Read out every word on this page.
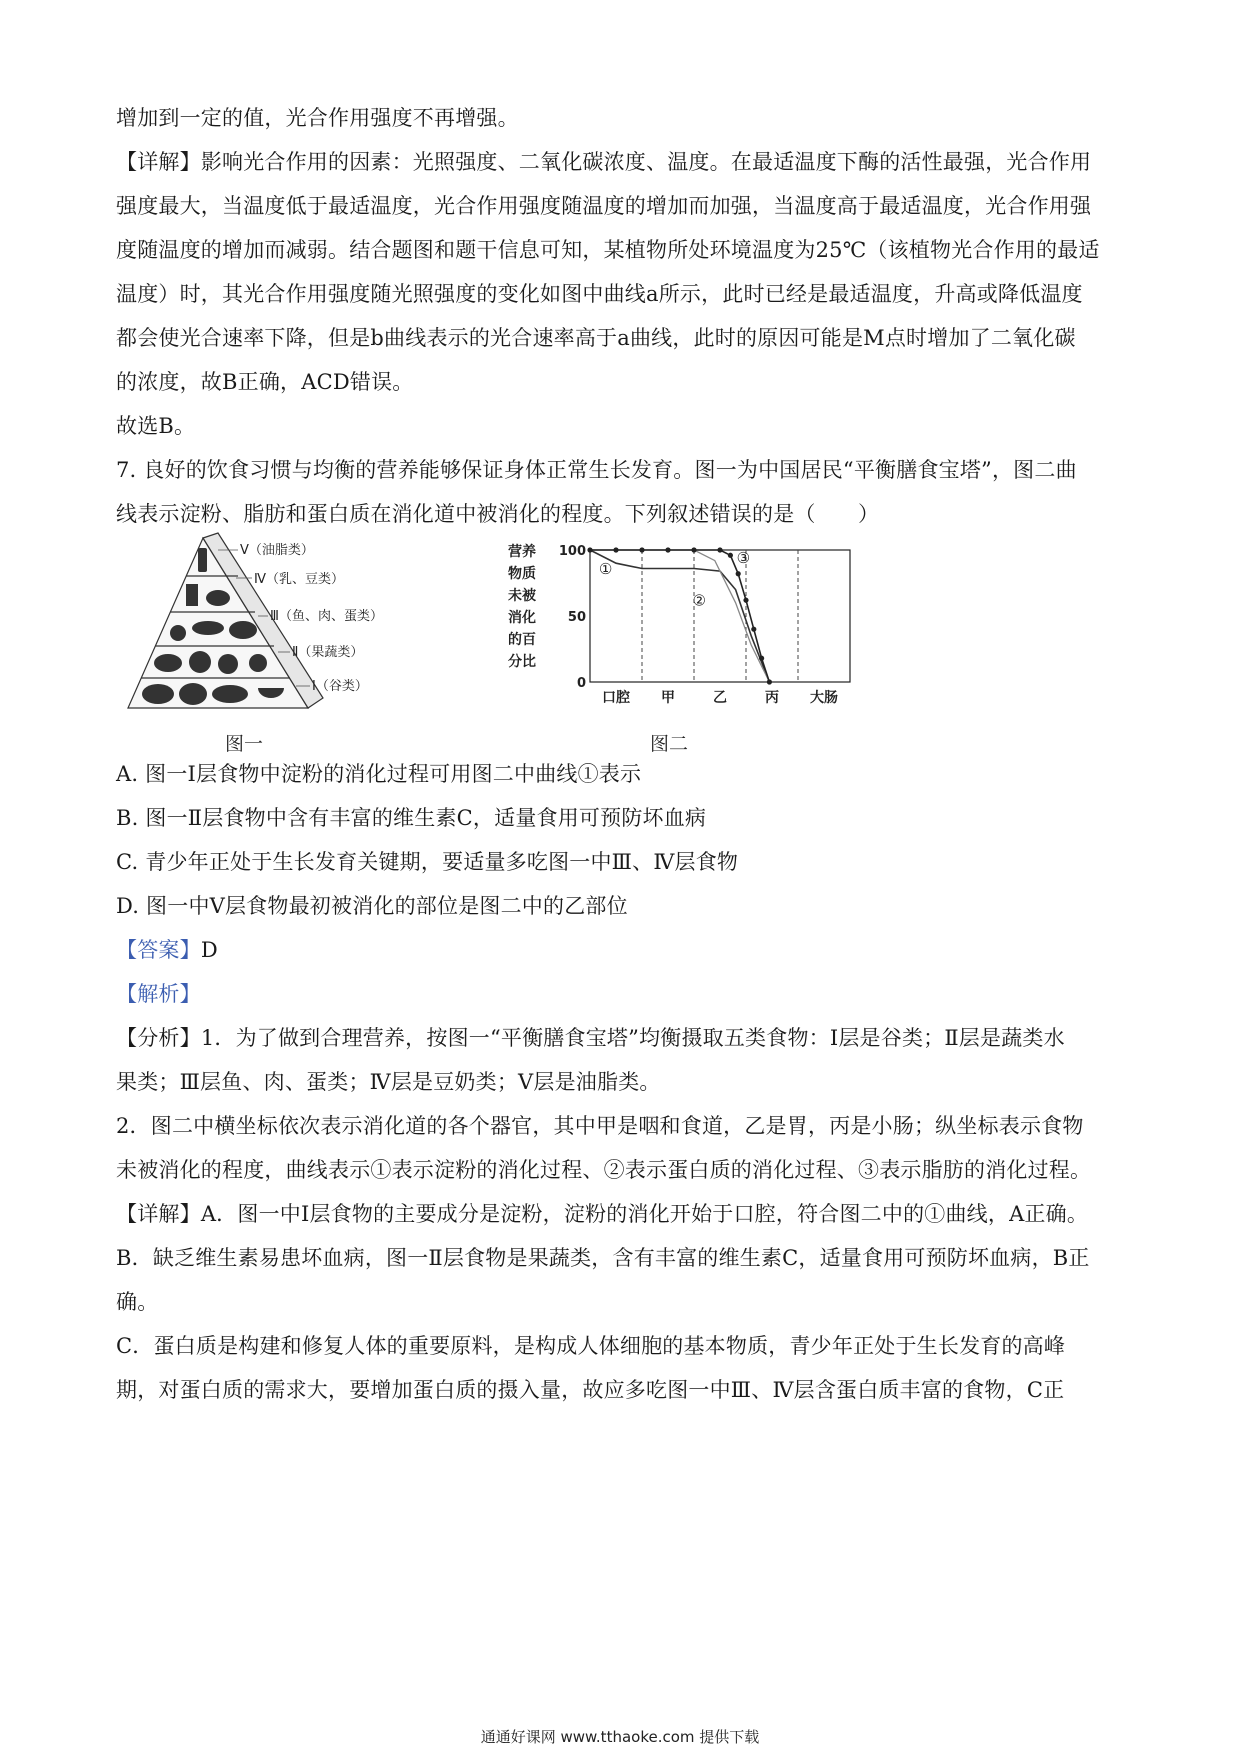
增加到一定的值，光合作用强度不再增强。
【详解】影响光合作用的因素：光照强度、二氧化碳浓度、温度。在最适温度下酶的活性最强，光合作用
强度最大，当温度低于最适温度，光合作用强度随温度的增加而加强，当温度高于最适温度，光合作用强
度随温度的增加而减弱。结合题图和题干信息可知，某植物所处环境温度为25℃（该植物光合作用的最适
温度）时，其光合作用强度随光照强度的变化如图中曲线a所示，此时已经是最适温度，升高或降低温度
都会使光合速率下降，但是b曲线表示的光合速率高于a曲线，此时的原因可能是M点时增加了二氧化碳
的浓度，故B正确，ACD错误。
故选B。
7. 良好的饮食习惯与均衡的营养能够保证身体正常生长发育。图一为中国居民“平衡膳食宝塔”，图二曲
线表示淀粉、脂肪和蛋白质在消化道中被消化的程度。下列叙述错误的是（　　）
Ⅴ（油脂类）
Ⅳ（乳、豆类）
Ⅲ（鱼、肉、蛋类）
Ⅱ（果蔬类）
Ⅰ（谷类）
图一
营养
物质
未被
消化
的百
分比
100
50
0
口腔 甲	乙	丙 大肠
①
②
③
图二
A. 图一Ⅰ层食物中淀粉的消化过程可用图二中曲线①表示
B. 图一Ⅱ层食物中含有丰富的维生素C，适量食用可预防坏血病
C. 青少年正处于生长发育关键期，要适量多吃图一中Ⅲ、Ⅳ层食物
D. 图一中Ⅴ层食物最初被消化的部位是图二中的乙部位
【答案】D
【解析】
【分析】1．为了做到合理营养，按图一“平衡膳食宝塔”均衡摄取五类食物：Ⅰ层是谷类；Ⅱ层是蔬类水
果类；Ⅲ层鱼、肉、蛋类；Ⅳ层是豆奶类；Ⅴ层是油脂类。
2．图二中横坐标依次表示消化道的各个器官，其中甲是咽和食道，乙是胃，丙是小肠；纵坐标表示食物
未被消化的程度，曲线表示①表示淀粉的消化过程、②表示蛋白质的消化过程、③表示脂肪的消化过程。
【详解】A．图一中Ⅰ层食物的主要成分是淀粉，淀粉的消化开始于口腔，符合图二中的①曲线，A正确。
B．缺乏维生素易患坏血病，图一Ⅱ层食物是果蔬类，含有丰富的维生素C，适量食用可预防坏血病，B正
确。
C．蛋白质是构建和修复人体的重要原料，是构成人体细胞的基本物质，青少年正处于生长发育的高峰
期，对蛋白质的需求大，要增加蛋白质的摄入量，故应多吃图一中Ⅲ、Ⅳ层含蛋白质丰富的食物，C正
通通好课网 www.tthaoke.com 提供下载
